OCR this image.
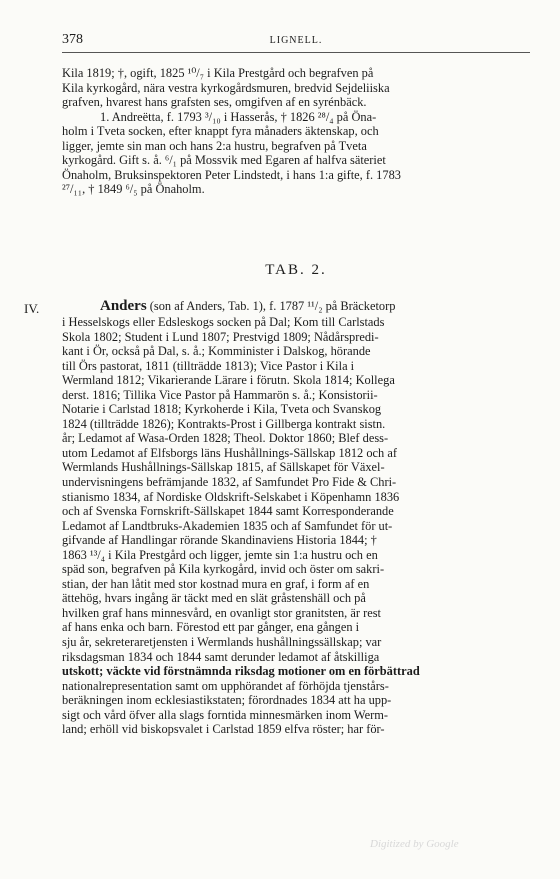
378	LIGNELL.
Kila 1819; †, ogift, 1825 ¹⁰/₇ i Kila Prestgård och begrafven på
Kila kyrkogård, nära vestra kyrkogårdsmuren, bredvid Sejdeliiska
grafven, hvarest hans grafsten ses, omgifven af en syrénbäck.
1. Andreëtta, f. 1793 ³/₁₀ i Hasserås, † 1826 ²⁸/₄ på Öna-
holm i Tveta socken, efter knappt fyra månaders äktenskap, och
ligger, jemte sin man och hans 2:a hustru, begrafven på Tveta
kyrkogård. Gift s. å. ⁶/₁ på Mossvik med Egaren af halfva säteriet
Önaholm, Bruksinspektoren Peter Lindstedt, i hans 1:a gifte, f. 1783
²⁷/₁₁, † 1849 ⁶/₅ på Önaholm.
TAB. 2.
IV.	Anders (son af Anders, Tab. 1), f. 1787 ¹¹/₂ på Bräcketorp
i Hesselskogs eller Edsleskogs socken på Dal; Kom till Carlstads
Skola 1802; Student i Lund 1807; Prestvigd 1809; Nådårspredi-
kant i Ör, också på Dal, s. å.; Komminister i Dalskog, hörande
till Örs pastorat, 1811 (tillträdde 1813); Vice Pastor i Kila i
Wermland 1812; Vikarierande Lärare i förutn. Skola 1814; Kollega
derst. 1816; Tillika Vice Pastor på Hammarön s. å.; Konsistorii-
Notarie i Carlstad 1818; Kyrkoherde i Kila, Tveta och Svanskog
1824 (tillträdde 1826); Kontrakts-Prost i Gillberga kontrakt sistn.
år; Ledamot af Wasa-Orden 1828; Theol. Doktor 1860; Blef dess-
utom Ledamot af Elfsborgs läns Hushållnings-Sällskap 1812 och af
Wermlands Hushållnings-Sällskap 1815, af Sällskapet för Växel-
undervisningens befrämjande 1832, af Samfundet Pro Fide & Chri-
stianismo 1834, af Nordiske Oldskrift-Selskabet i Köpenhamn 1836
och af Svenska Fornskrift-Sällskapet 1844 samt Korresponderande
Ledamot af Landtbruks-Akademien 1835 och af Samfundet för ut-
gifvande af Handlingar rörande Skandinaviens Historia 1844; †
1863 ¹³/₄ i Kila Prestgård och ligger, jemte sin 1:a hustru och en
späd son, begrafven på Kila kyrkogård, invid och öster om sakri-
stian, der han låtit med stor kostnad mura en graf, i form af en
ättehög, hvars ingång är täckt med en slät gråstenshäll och på
hvilken graf hans minnesvård, en ovanligt stor granitsten, är rest
af hans enka och barn. Förestod ett par gånger, ena gången i
sju år, sekreteraretjensten i Wermlands hushållningssällskap; var
riksdagsman 1834 och 1844 samt derunder ledamot af åtskilliga
utskott; väckte vid förstnämnda riksdag motioner om en förbättrad
nationalrepresentation samt om upphörandet af förhöjda tjenstårs-
beräkningen inom ecklesiastikstaten; förordnades 1834 att ha upp-
sigt och vård öfver alla slags forntida minnesmärken inom Werm-
land; erhöll vid biskopsvalet i Carlstad 1859 elfva röster; har för-
Digitized by Google
